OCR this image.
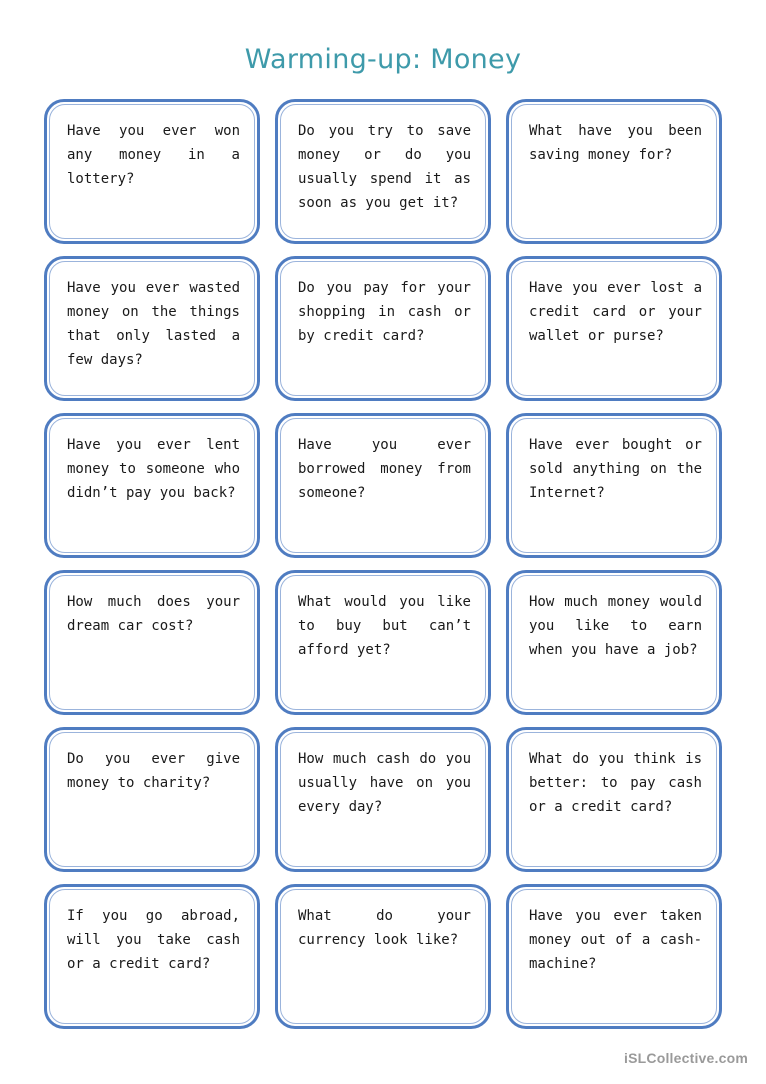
Warming-up: Money
Have you ever won any money in a lottery?
Do you try to save money or do you usually spend it as soon as you get it?
What have you been saving money for?
Have you ever wasted money on the things that only lasted a few days?
Do you pay for your shopping in cash or by credit card?
Have you ever lost a credit card or your wallet or purse?
Have you ever lent money to someone who didn’t pay you back?
Have you ever borrowed money from someone?
Have ever bought or sold anything on the Internet?
How much does your dream car cost?
What would you like to buy but can’t afford yet?
How much money would you like to earn when you have a job?
Do you ever give money to charity?
How much cash do you usually have on you every day?
What do you think is better: to pay cash or a credit card?
If you go abroad, will you take cash or a credit card?
What do your currency look like?
Have you ever taken money out of a cash-machine?
iSLCollective.com
